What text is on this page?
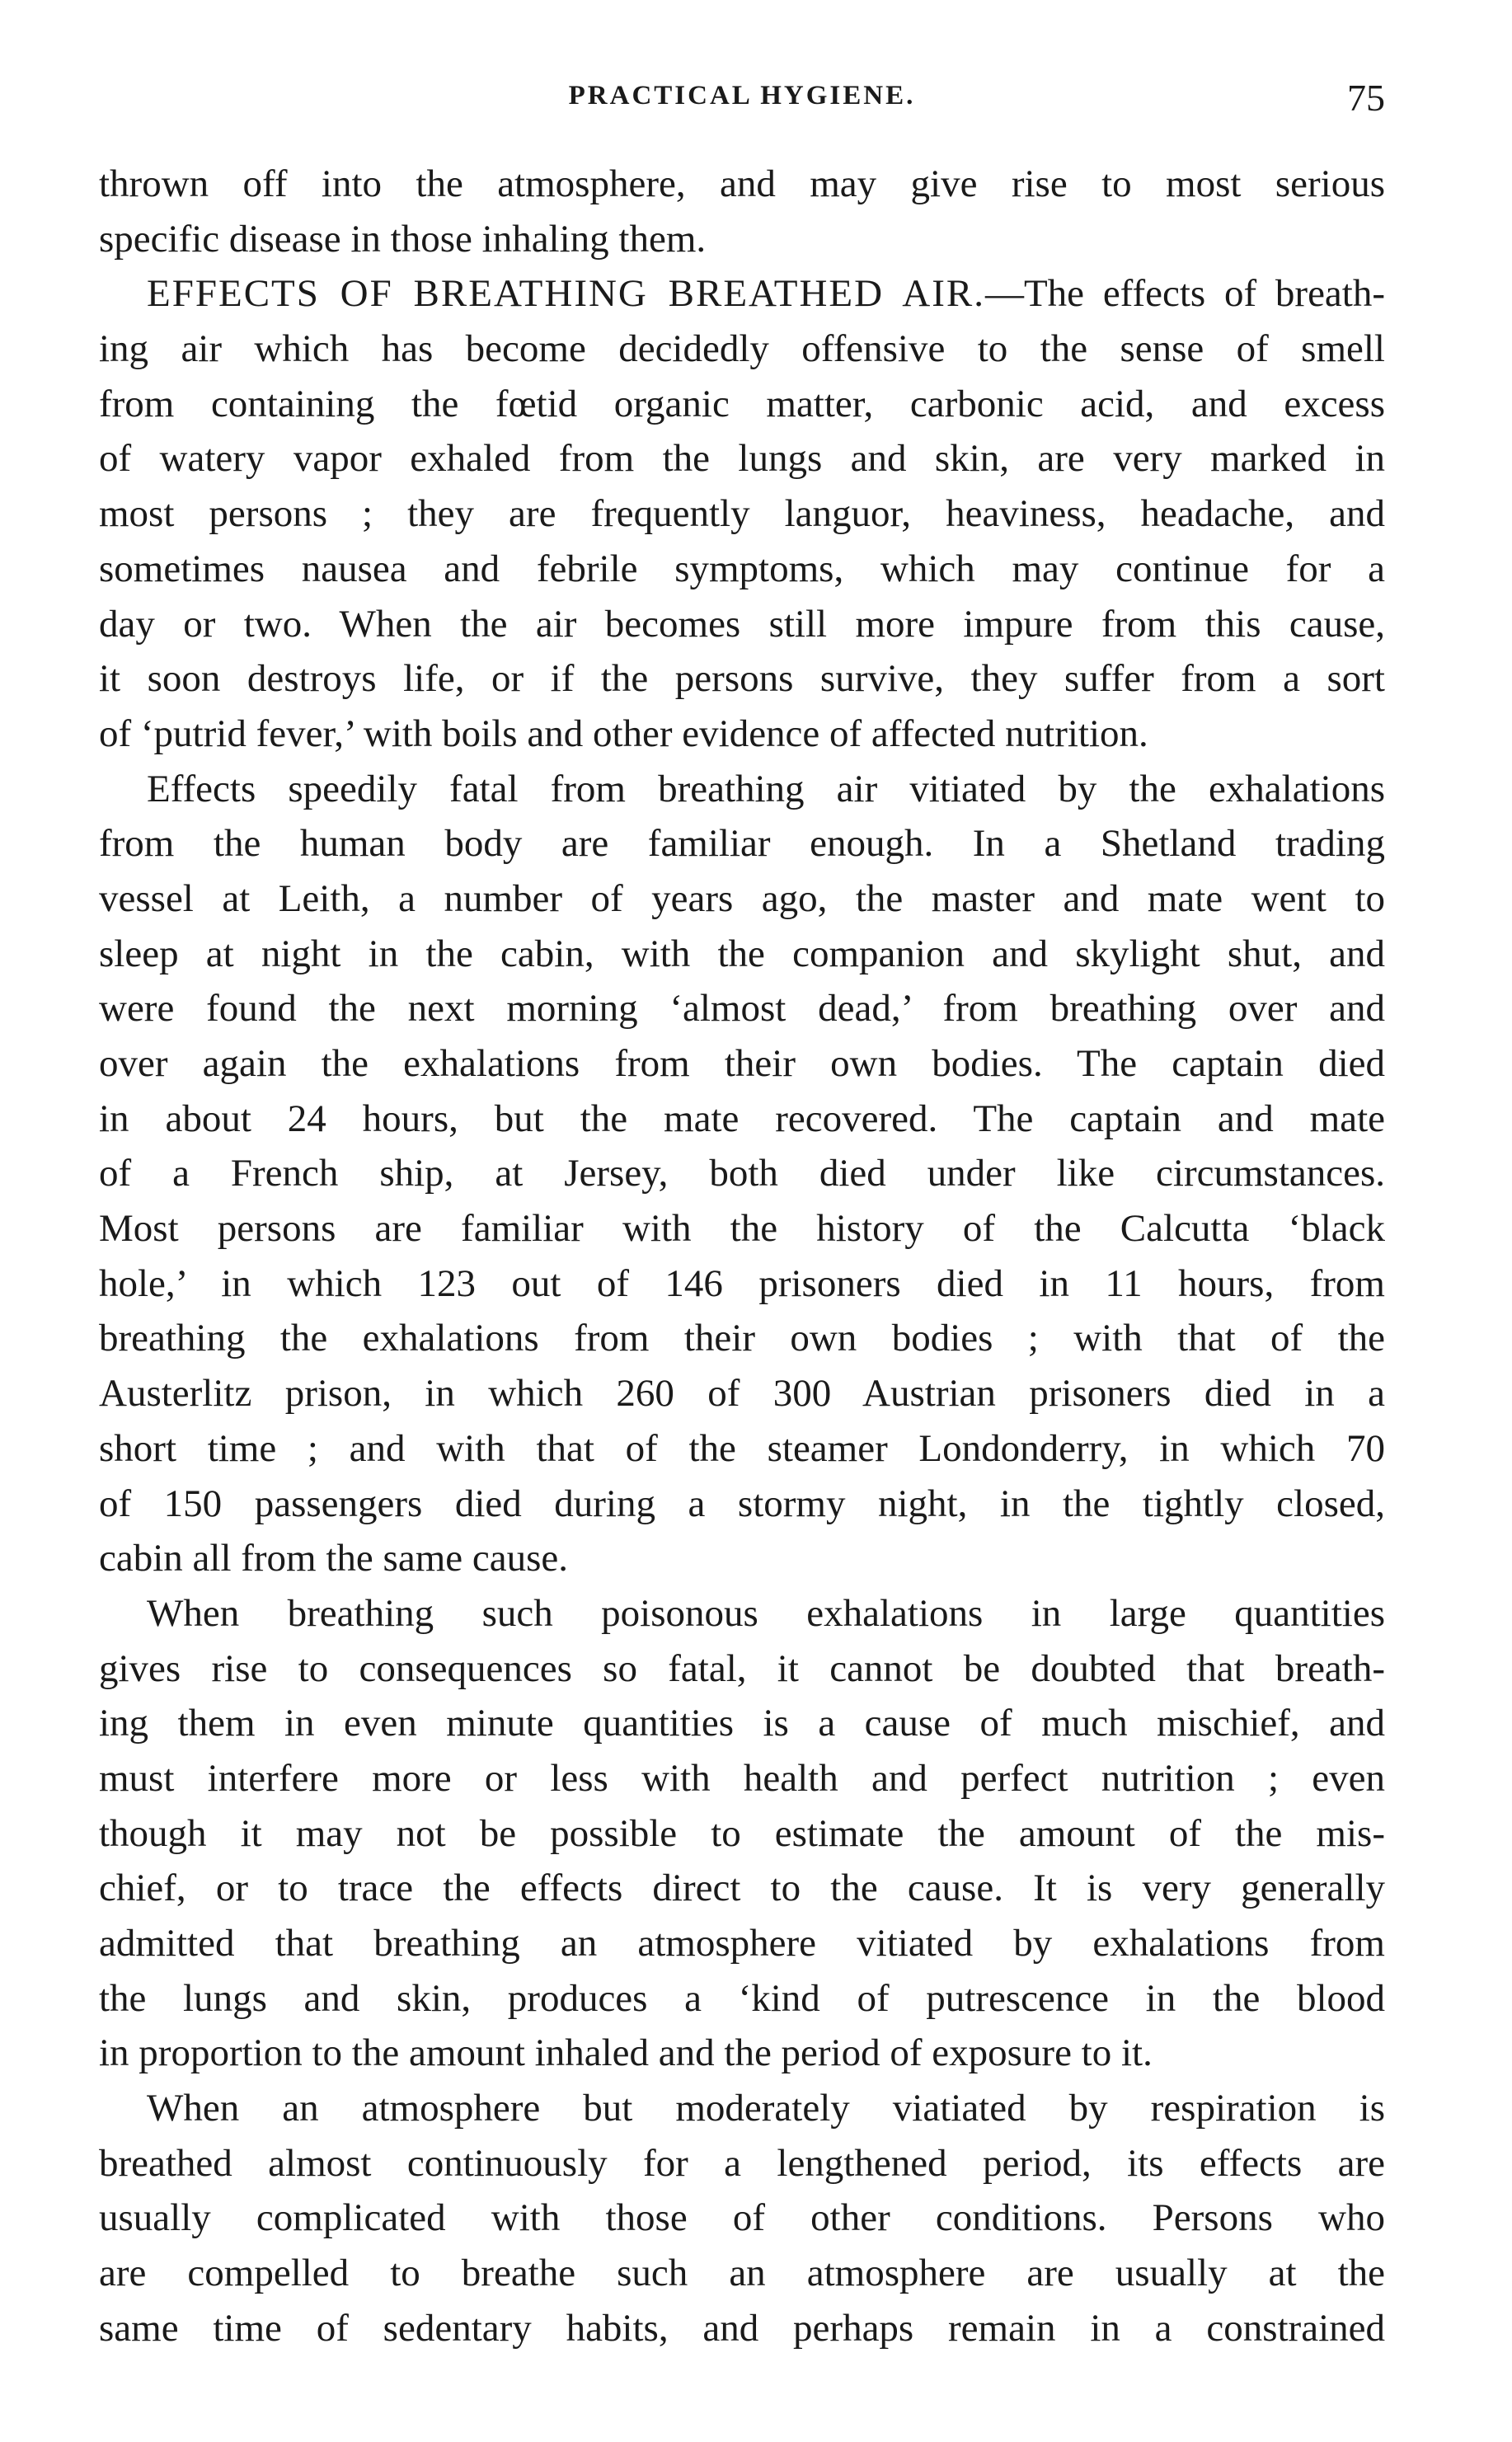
PRACTICAL HYGIENE.	75
thrown off into the atmosphere, and may give rise to most serious
specific disease in those inhaling them.
EFFECTS OF BREATHING BREATHED AIR.—The effects of breath-
ing air which has become decidedly offensive to the sense of smell
from containing the fœtid organic matter, carbonic acid, and excess
of watery vapor exhaled from the lungs and skin, are very marked in
most persons ; they are frequently languor, heaviness, headache, and
sometimes nausea and febrile symptoms, which may continue for a
day or two. When the air becomes still more impure from this cause,
it soon destroys life, or if the persons survive, they suffer from a sort
of ‘putrid fever,’ with boils and other evidence of affected nutrition.
Effects speedily fatal from breathing air vitiated by the exhalations
from the human body are familiar enough. In a Shetland trading
vessel at Leith, a number of years ago, the master and mate went to
sleep at night in the cabin, with the companion and skylight shut, and
were found the next morning ‘almost dead,’ from breathing over and
over again the exhalations from their own bodies. The captain died
in about 24 hours, but the mate recovered. The captain and mate
of a French ship, at Jersey, both died under like circumstances.
Most persons are familiar with the history of the Calcutta ‘black
hole,’ in which 123 out of 146 prisoners died in 11 hours, from
breathing the exhalations from their own bodies ; with that of the
Austerlitz prison, in which 260 of 300 Austrian prisoners died in a
short time ; and with that of the steamer Londonderry, in which 70
of 150 passengers died during a stormy night, in the tightly closed,
cabin all from the same cause.
When breathing such poisonous exhalations in large quantities
gives rise to consequences so fatal, it cannot be doubted that breath-
ing them in even minute quantities is a cause of much mischief, and
must interfere more or less with health and perfect nutrition ; even
though it may not be possible to estimate the amount of the mis-
chief, or to trace the effects direct to the cause. It is very generally
admitted that breathing an atmosphere vitiated by exhalations from
the lungs and skin, produces a ‘kind of putrescence in the blood
in proportion to the amount inhaled and the period of exposure to it.
When an atmosphere but moderately viatiated by respiration is
breathed almost continuously for a lengthened period, its effects are
usually complicated with those of other conditions. Persons who
are compelled to breathe such an atmosphere are usually at the
same time of sedentary habits, and perhaps remain in a constrained
